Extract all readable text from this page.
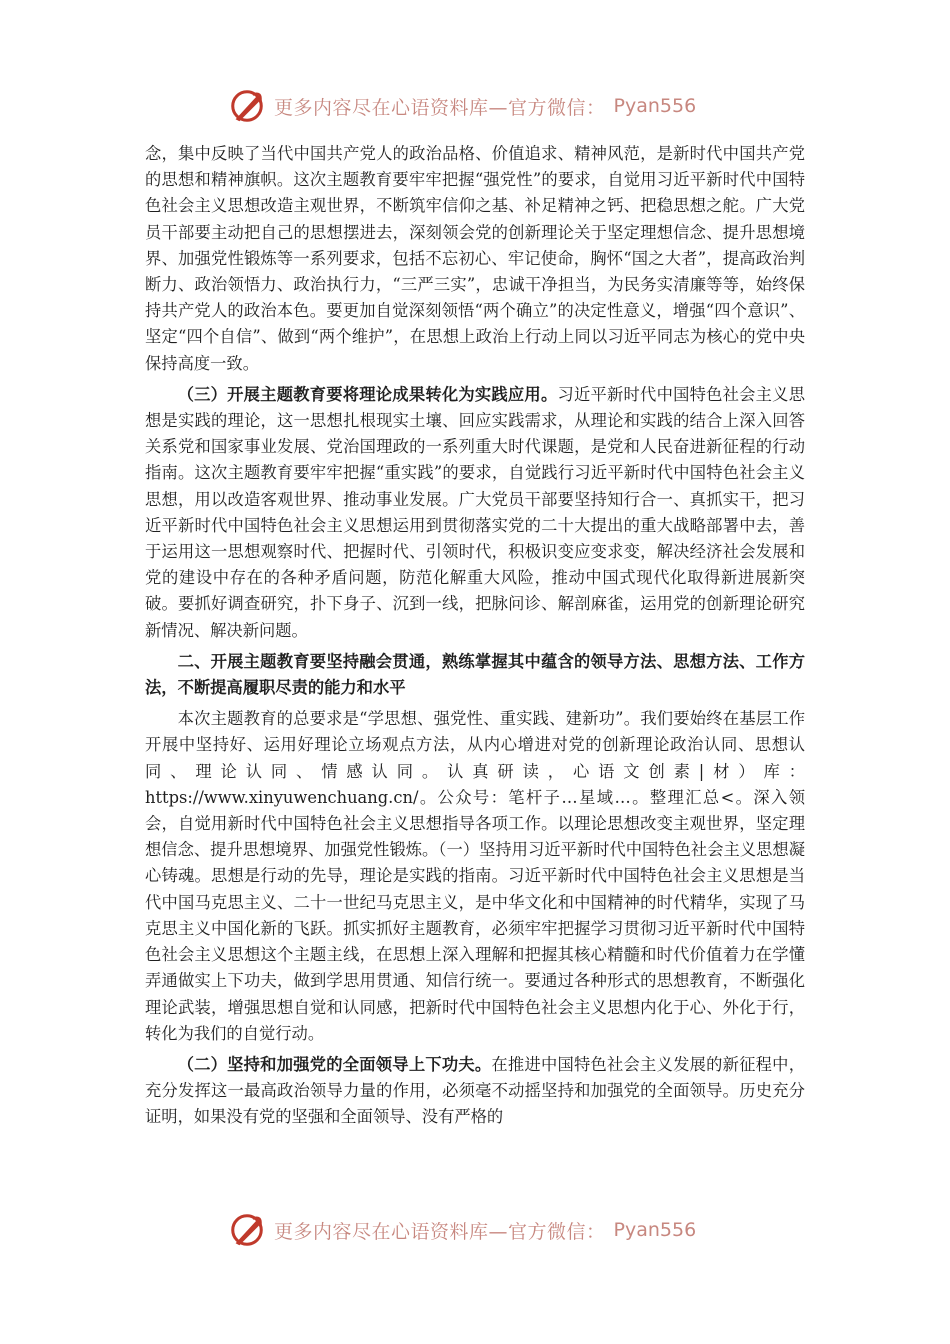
更多内容尽在心语资料库—官方微信： Pyan556

念，集中反映了当代中国共产党人的政治品格、价值追求、精神风范，是新时代中国共产党的思想和精神旗帜。这次主题教育要牢牢把握“强党性”的要求，自觉用习近平新时代中国特色社会主义思想改造主观世界，不断筑牢信仰之基、补足精神之钙、把稳思想之舵。广大党员干部要主动把自己的思想摆进去，深刻领会党的创新理论关于坚定理想信念、提升思想境界、加强党性锻炼等一系列要求，包括不忘初心、牢记使命，胸怀“国之大者”，提高政治判断力、政治领悟力、政治执行力，“三严三实”，忠诚干净担当，为民务实清廉等等，始终保持共产党人的政治本色。要更加自觉深刻领悟“两个确立”的决定性意义，增强“四个意识”、坚定“四个自信”、做到“两个维护”，在思想上政治上行动上同以习近平同志为核心的党中央保持高度一致。

（三）开展主题教育要将理论成果转化为实践应用。习近平新时代中国特色社会主义思想是实践的理论，这一思想扎根现实土壤、回应实践需求，从理论和实践的结合上深入回答关系党和国家事业发展、党治国理政的一系列重大时代课题，是党和人民奋进新征程的行动指南。这次主题教育要牢牢把握“重实践”的要求，自觉践行习近平新时代中国特色社会主义思想，用以改造客观世界、推动事业发展。广大党员干部要坚持知行合一、真抓实干，把习近平新时代中国特色社会主义思想运用到贯彻落实党的二十大提出的重大战略部署中去，善于运用这一思想观察时代、把握时代、引领时代，积极识变应变求变，解决经济社会发展和党的建设中存在的各种矛盾问题，防范化解重大风险，推动中国式现代化取得新进展新突破。要抓好调查研究，扑下身子、沉到一线，把脉问诊、解剖麻雀，运用党的创新理论研究新情况、解决新问题。

二、开展主题教育要坚持融会贯通，熟练掌握其中蕴含的领导方法、思想方法、工作方法，不断提高履职尽责的能力和水平

本次主题教育的总要求是“学思想、强党性、重实践、建新功”。我们要始终在基层工作开展中坚持好、运用好理论立场观点方法，从内心增进对党的创新理论政治认同、思想认同、理论认同、情感认同。认真研读，心语文创素|材）库：https://www.xinyuwenchuang.cn/。公众号：笔杆子…星域…。整理汇总<。深入领会，自觉用新时代中国特色社会主义思想指导各项工作。以理论思想改变主观世界，坚定理想信念、提升思想境界、加强党性锻炼。（一）坚持用习近平新时代中国特色社会主义思想凝心铸魂。思想是行动的先导，理论是实践的指南。习近平新时代中国特色社会主义思想是当代中国马克思主义、二十一世纪马克思主义，是中华文化和中国精神的时代精华，实现了马克思主义中国化新的飞跃。抓实抓好主题教育，必须牢牢把握学习贯彻习近平新时代中国特色社会主义思想这个主题主线，在思想上深入理解和把握其核心精髓和时代价值着力在学懂弄通做实上下功夫，做到学思用贯通、知信行统一。要通过各种形式的思想教育，不断强化理论武装，增强思想自觉和认同感，把新时代中国特色社会主义思想内化于心、外化于行，转化为我们的自觉行动。

（二）坚持和加强党的全面领导上下功夫。在推进中国特色社会主义发展的新征程中，充分发挥这一最高政治领导力量的作用，必须毫不动摇坚持和加强党的全面领导。历史充分证明，如果没有党的坚强和全面领导、没有严格的

更多内容尽在心语资料库—官方微信： Pyan556
